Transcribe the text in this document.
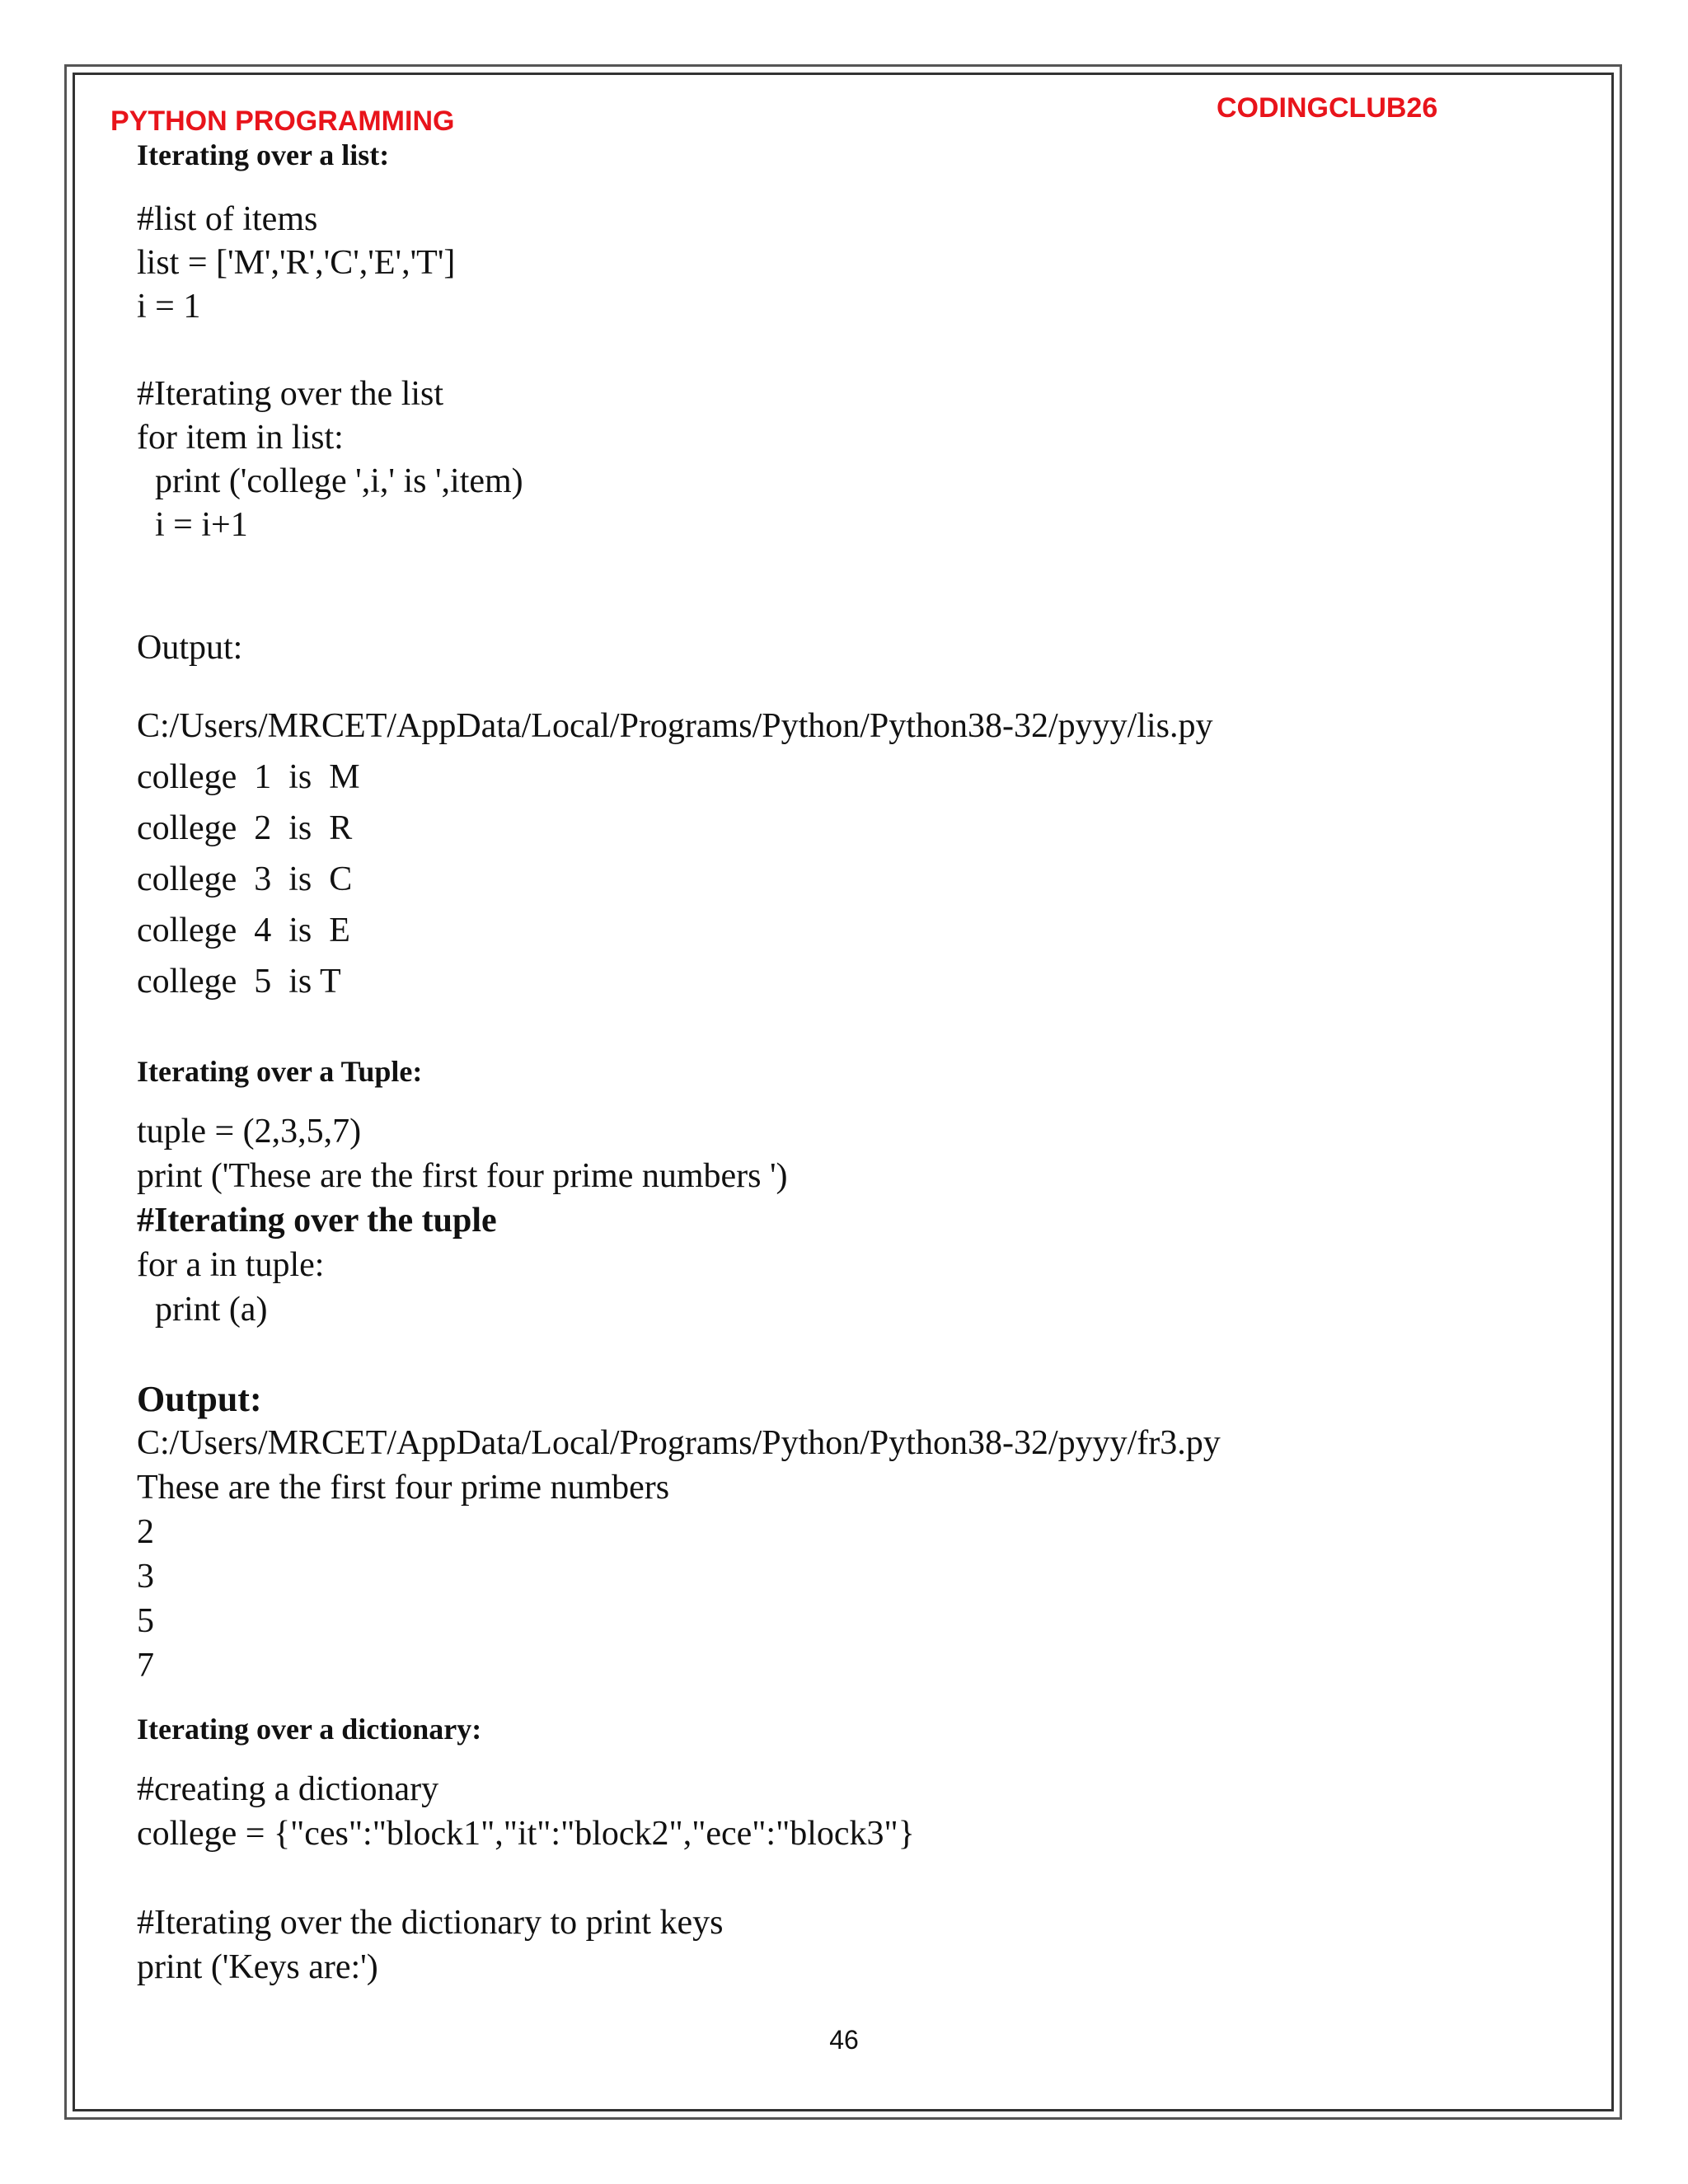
PYTHON PROGRAMMING	CODINGCLUB26
Iterating over a list:
#list of items
list = ['M','R','C','E','T']
i = 1
#Iterating over the list
for item in list:
print ('college ',i,' is ',item)
i = i+1
Output:
C:/Users/MRCET/AppData/Local/Programs/Python/Python38-32/pyyy/lis.py
college  1  is  M
college  2  is  R
college  3  is  C
college  4  is  E
college  5  is T
Iterating over a Tuple:
tuple = (2,3,5,7)
print ('These are the first four prime numbers ')
#Iterating over the tuple
for a in tuple:
print (a)
Output:
C:/Users/MRCET/AppData/Local/Programs/Python/Python38-32/pyyy/fr3.py
These are the first four prime numbers
2
3
5
7
Iterating over a dictionary:
#creating a dictionary
college = {"ces":"block1","it":"block2","ece":"block3"}
#Iterating over the dictionary to print keys
print ('Keys are:')
46
